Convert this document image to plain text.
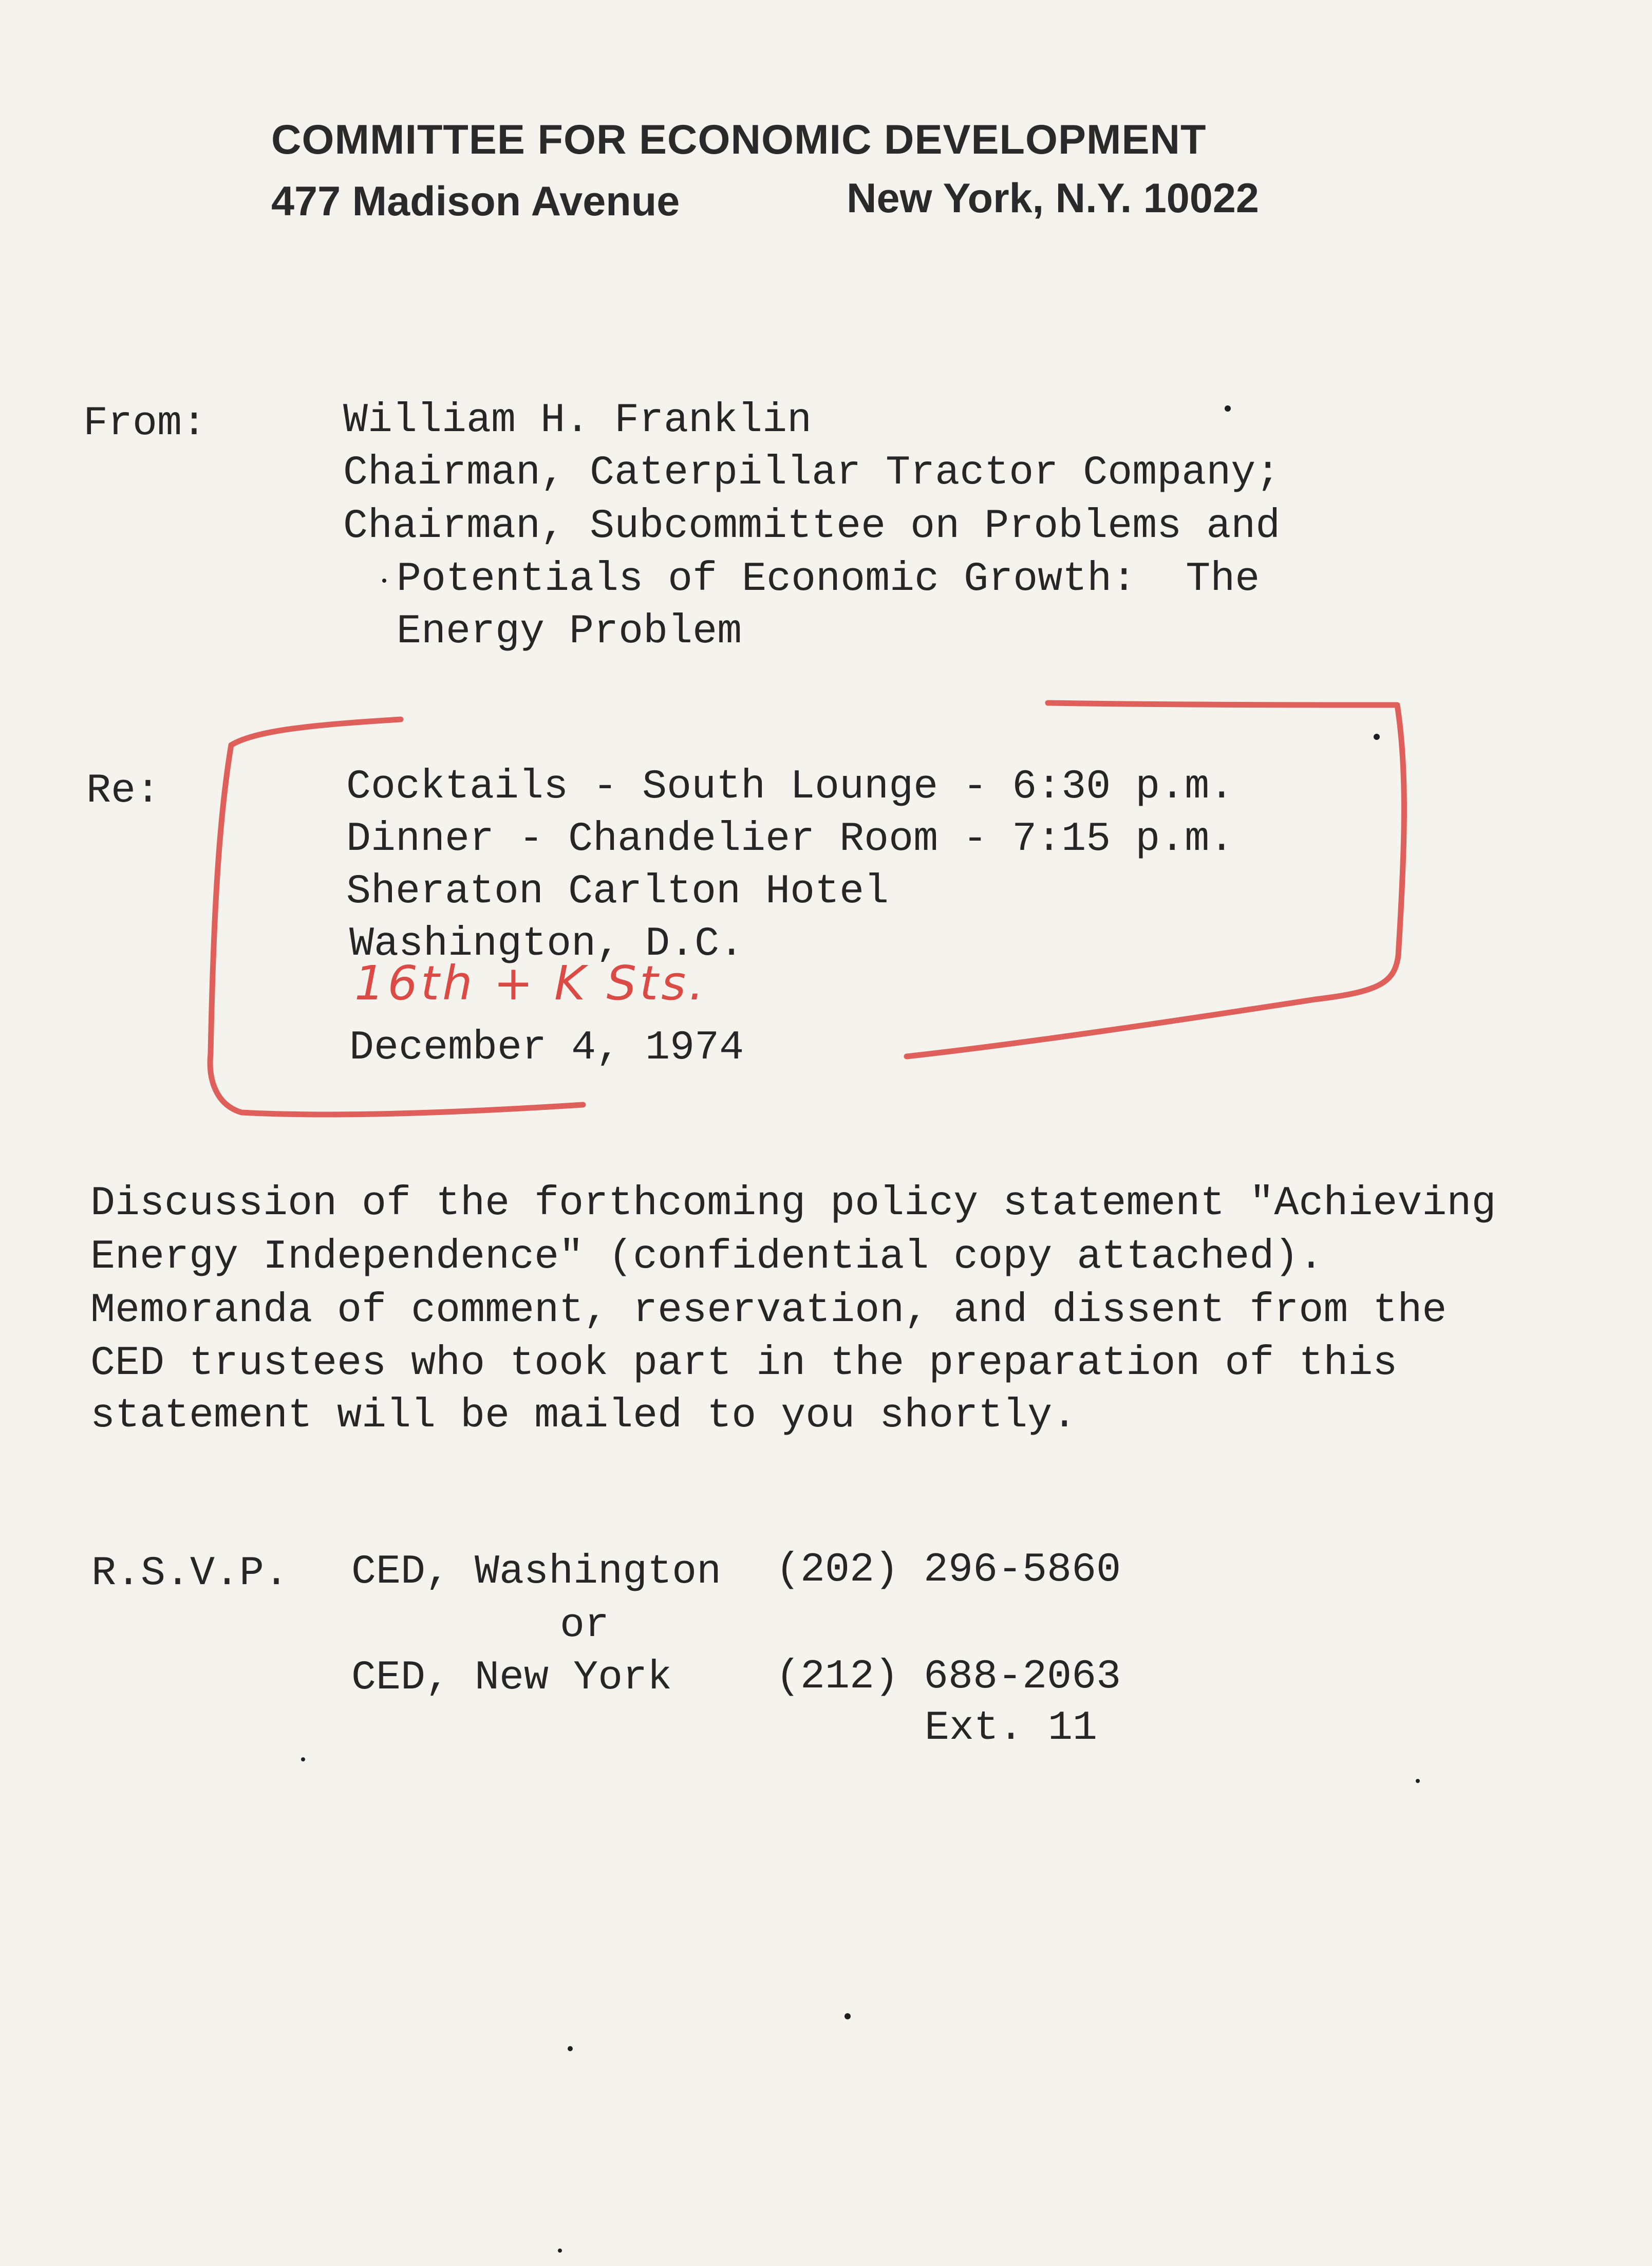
COMMITTEE FOR ECONOMIC DEVELOPMENT
477 Madison Avenue	New York, N.Y. 10022
From:	William H. Franklin
Chairman, Caterpillar Tractor Company;
Chairman, Subcommittee on Problems and
Potentials of Economic Growth:  The
Energy Problem
Re:	Cocktails - South Lounge - 6:30 p.m.
Dinner - Chandelier Room - 7:15 p.m.
Sheraton Carlton Hotel
Washington, D.C.
16th + K Sts.
December 4, 1974
Discussion of the forthcoming policy statement "Achieving
Energy Independence" (confidential copy attached).
Memoranda of comment, reservation, and dissent from the
CED trustees who took part in the preparation of this
statement will be mailed to you shortly.
R.S.V.P. CED, Washington (202) 296-5860
or
CED, New York	(212) 688-2063
Ext. 11
